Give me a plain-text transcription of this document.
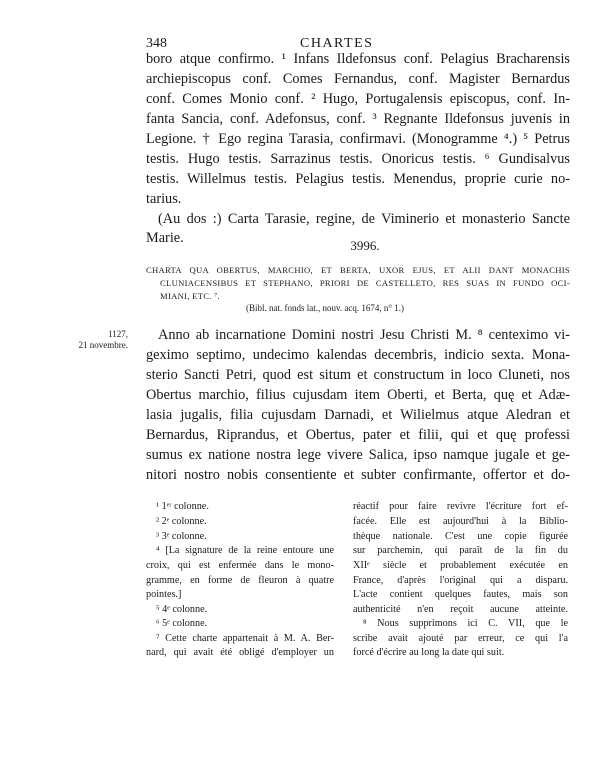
348	CHARTES
boro atque confirmo. ¹ Infans Ildefonsus conf. Pelagius Bracharensis
archiepiscopus conf. Comes Fernandus, conf. Magister Bernardus
conf. Comes Monio conf. ² Hugo, Portugalensis episcopus, conf. In-
fanta Sancia, conf. Adefonsus, conf. ³ Regnante Ildefonsus juvenis in
Legione. † Ego regina Tarasia, confirmavi. (Monogramme ⁴.) ⁵ Petrus
testis. Hugo testis. Sarrazinus testis. Onoricus testis. ⁶ Gundisalvus
testis. Willelmus testis. Pelagius testis. Menendus, proprie curie no-
tarius.
(Au dos :) Carta Tarasie, regine, de Viminerio et monasterio Sancte
Marie.	3996.
CHARTA QUA OBERTUS, MARCHIO, ET BERTA, UXOR EJUS, ET ALII DANT MONACHIS
CLUNIACENSIBUS ET STEPHANO, PRIORI DE CASTELLETO, RES SUAS IN FUNDO OCI-
MIANI, ETC. ⁷.
(Bibl. nat. fonds lat., nouv. acq. 1674, n° 1.)
1127,
21 novembre.
Anno ab incarnatione Domini nostri Jesu Christi M. ⁸ centeximo vi-
geximo septimo, undecimo kalendas decembris, indicio sexta. Mona-
sterio Sancti Petri, quod est situm et constructum in loco Cluneti, nos
Obertus marchio, filius cujusdam item Oberti, et Berta, quę et Adæ-
lasia jugalis, filia cujusdam Darnadi, et Wilielmus atque Aledran et
Bernardus, Riprandus, et Obertus, pater et filii, qui et quę professi
sumus ex natione nostra lege vivere Salica, ipso namque jugale et ge-
nitori nostro nobis consentiente et subter confirmante, offertor et do-
¹ 1ᵉʳ colonne.
² 2ᵉ colonne.
³ 3ᵉ colonne.
⁴ [La signature de la reine entoure une
croix, qui est enfermée dans le mono-
gramme, en forme de fleuron à quatre
pointes.]
⁵ 4ᵉ colonne.
⁶ 5ᵉ colonne.
⁷ Cette charte appartenait à M. A. Ber-
nard, qui avait été obligé d'employer un
réactif pour faire revivre l'écriture fort ef-
facée. Elle est aujourd'hui à la Biblio-
thèque nationale. C'est une copie figurée
sur parchemin, qui paraît de la fin du
XIIᵉ siècle et probablement exécutée en
France, d'après l'original qui a disparu.
L'acte contient quelques fautes, mais son
authenticité n'en reçoit aucune atteinte.
⁸ Nous supprimons ici C. VII, que le
scribe avait ajouté par erreur, ce qui l'a
forcé d'écrire au long la date qui suit.
